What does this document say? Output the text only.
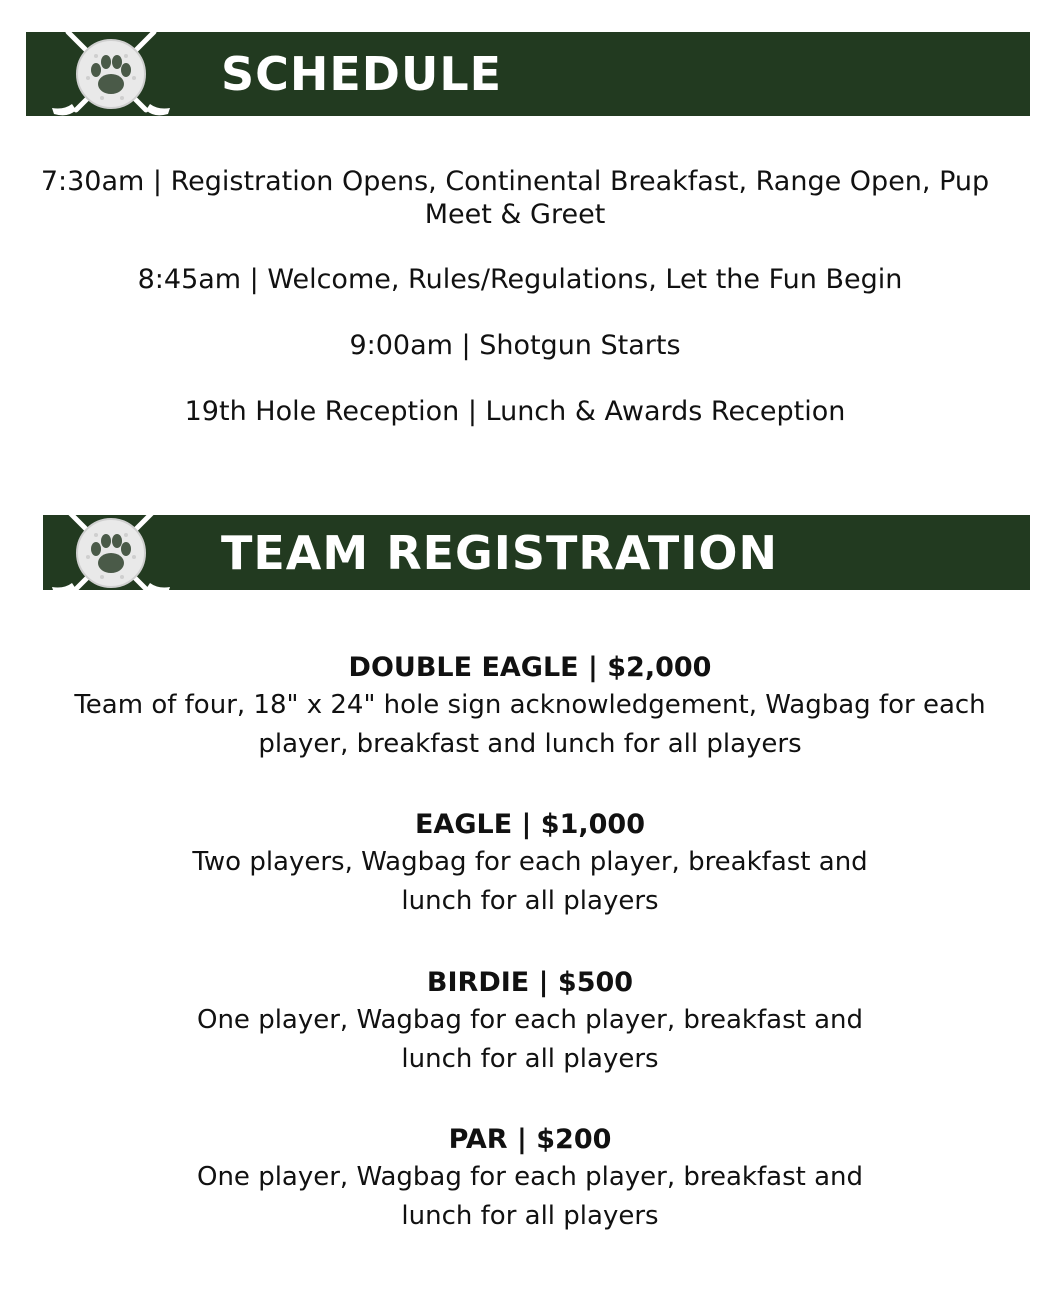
SCHEDULE
7:30am | Registration Opens, Continental Breakfast, Range Open, Pup Meet & Greet
8:45am | Welcome, Rules/Regulations, Let the Fun Begin
9:00am | Shotgun Starts
19th Hole Reception | Lunch & Awards Reception
TEAM REGISTRATION
DOUBLE EAGLE | $2,000
Team of four, 18" x 24" hole sign acknowledgement, Wagbag for each player, breakfast and lunch for all players
EAGLE | $1,000
Two players, Wagbag for each player, breakfast and lunch for all players
BIRDIE | $500
One player, Wagbag for each player, breakfast and lunch for all players
PAR | $200
One player, Wagbag for each player, breakfast and lunch for all players
